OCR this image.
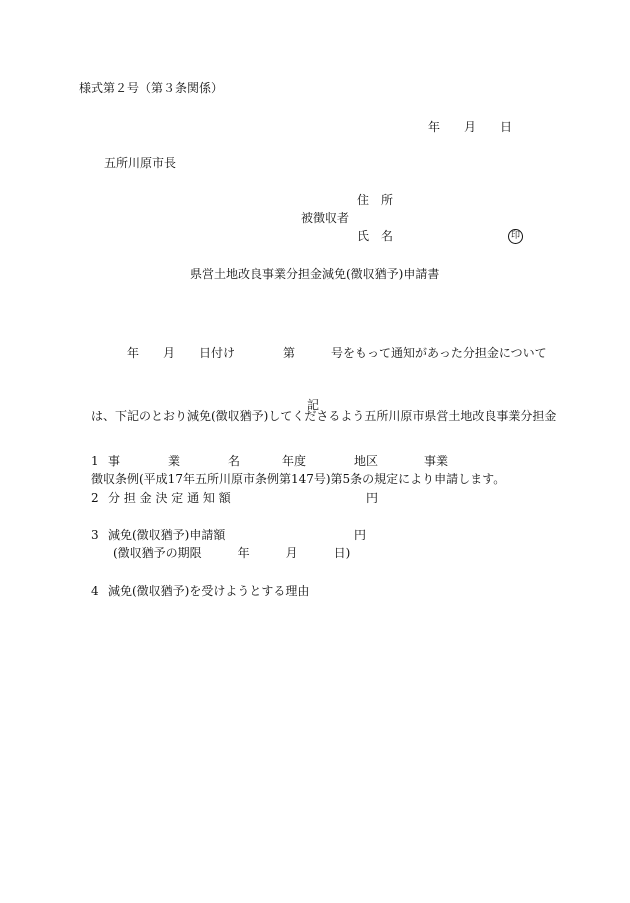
様式第２号（第３条関係）
年　　月　　日
五所川原市長
住　所
被徴収者
氏　名	印
県営土地改良事業分担金減免(徴収猶予)申請書

年　　月　　日付け　　　　第　　　号をもって通知があった分担金について

は、下記のとおり減免(徴収猶予)してくださるよう五所川原市県営土地改良事業分担金

徴収条例(平成17年五所川原市条例第147号)第5条の規定により申請します。

記
1 事　　　　業　　　　名	年度	地区	事業
2 分 担 金 決 定 通 知 額	円
3 減免(徴収猶予)申請額	円
(徴収猶予の期限　　　年　　　月　　　日)
4 減免(徴収猶予)を受けようとする理由
